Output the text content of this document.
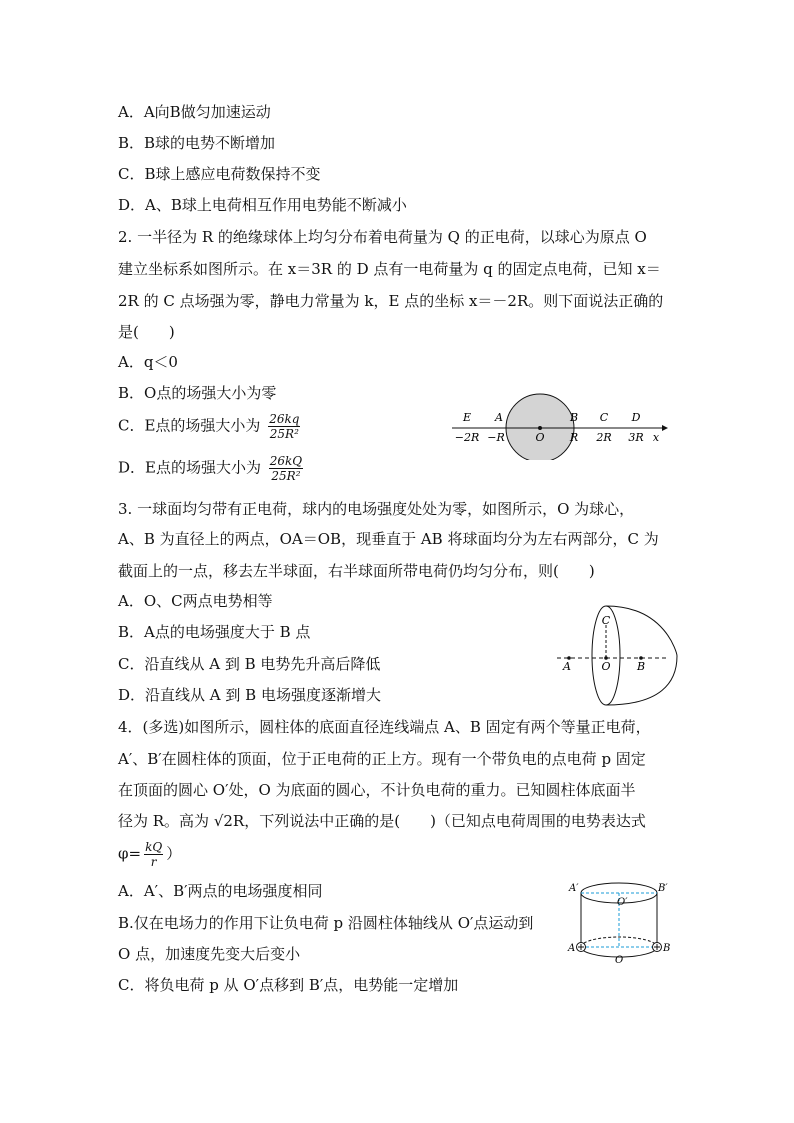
A．A向B做匀加速运动
B．B球的电势不断增加
C．B球上感应电荷数保持不变
D．A、B球上电荷相互作用电势能不断减小
2. 一半径为 R 的绝缘球体上均匀分布着电荷量为 Q 的正电荷，以球心为原点 O
建立坐标系如图所示。在 x＝3R 的 D 点有一电荷量为 q 的固定点电荷，已知 x＝
2R 的 C 点场强为零，静电力常量为 k，E 点的坐标 x＝－2R。则下面说法正确的
是(　　)
A．q＜0
B．O点的场强大小为零
C．E点的场强大小为 $\frac{26kq}{\text{25R²}}$
D．E点的场强大小为 $\frac{26kQ}{\text{25R²}}$
E A	B C D
−2R −R	R 2R 3R x
O
3. 一球面均匀带有正电荷，球内的电场强度处处为零，如图所示，O 为球心，
A、B 为直径上的两点，OA＝OB，现垂直于 AB 将球面均分为左右两部分，C 为
截面上的一点，移去左半球面，右半球面所带电荷仍均匀分布，则(　　)
A．O、C两点电势相等
B．A点的电场强度大于 B 点
C．沿直线从 A 到 B 电势先升高后降低
D．沿直线从 A 到 B 电场强度逐渐增大
C
A	O B
4．(多选)如图所示，圆柱体的底面直径连线端点 A、B 固定有两个等量正电荷，
A′、B′在圆柱体的顶面，位于正电荷的正上方。现有一个带负电的点电荷 p 固定
在顶面的圆心 O′处，O 为底面的圆心，不计负电荷的重力。已知圆柱体底面半
径为 R。高为 √2R，下列说法中正确的是(　　)（已知点电荷周围的电势表达式
$\varphi= \frac{kQ}{r}$ ）
A．A′、B′两点的电场强度相同
B.仅在电场力的作用下让负电荷 p 沿圆柱体轴线从 O′点运动到
O 点，加速度先变大后变小
C．将负电荷 p 从 O′点移到 B′点，电势能一定增加
A′
O′
B′
A
O
B
